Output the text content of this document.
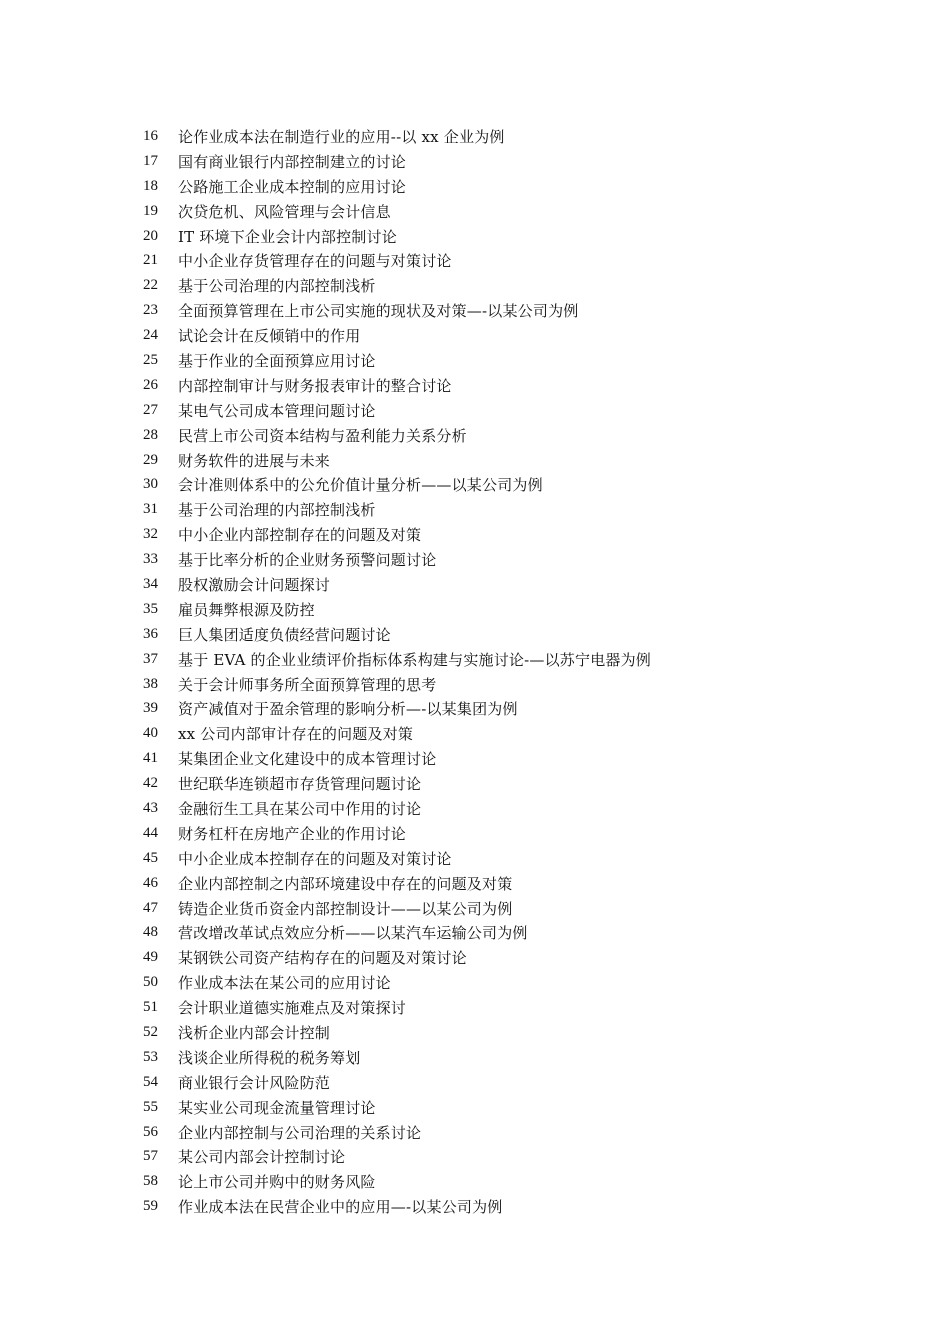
16	论作业成本法在制造行业的应用--以 xx 企业为例
17	国有商业银行内部控制建立的讨论
18	公路施工企业成本控制的应用讨论
19	次贷危机、风险管理与会计信息
20	IT 环境下企业会计内部控制讨论
21	中小企业存货管理存在的问题与对策讨论
22	基于公司治理的内部控制浅析
23	全面预算管理在上市公司实施的现状及对策—-以某公司为例
24	试论会计在反倾销中的作用
25	基于作业的全面预算应用讨论
26	内部控制审计与财务报表审计的整合讨论
27	某电气公司成本管理问题讨论
28	民营上市公司资本结构与盈利能力关系分析
29	财务软件的进展与未来
30	会计准则体系中的公允价值计量分析——以某公司为例
31	基于公司治理的内部控制浅析
32	中小企业内部控制存在的问题及对策
33	基于比率分析的企业财务预警问题讨论
34	股权激励会计问题探讨
35	雇员舞弊根源及防控
36	巨人集团适度负债经营问题讨论
37	基于 EVA 的企业业绩评价指标体系构建与实施讨论-—以苏宁电器为例
38	关于会计师事务所全面预算管理的思考
39	资产减值对于盈余管理的影响分析—-以某集团为例
40	xx 公司内部审计存在的问题及对策
41	某集团企业文化建设中的成本管理讨论
42	世纪联华连锁超市存货管理问题讨论
43	金融衍生工具在某公司中作用的讨论
44	财务杠杆在房地产企业的作用讨论
45	中小企业成本控制存在的问题及对策讨论
46	企业内部控制之内部环境建设中存在的问题及对策
47	铸造企业货币资金内部控制设计——以某公司为例
48	营改增改革试点效应分析——以某汽车运输公司为例
49	某钢铁公司资产结构存在的问题及对策讨论
50	作业成本法在某公司的应用讨论
51	会计职业道德实施难点及对策探讨
52	浅析企业内部会计控制
53	浅谈企业所得税的税务筹划
54	商业银行会计风险防范
55	某实业公司现金流量管理讨论
56	企业内部控制与公司治理的关系讨论
57	某公司内部会计控制讨论
58	论上市公司并购中的财务风险
59	作业成本法在民营企业中的应用—-以某公司为例
